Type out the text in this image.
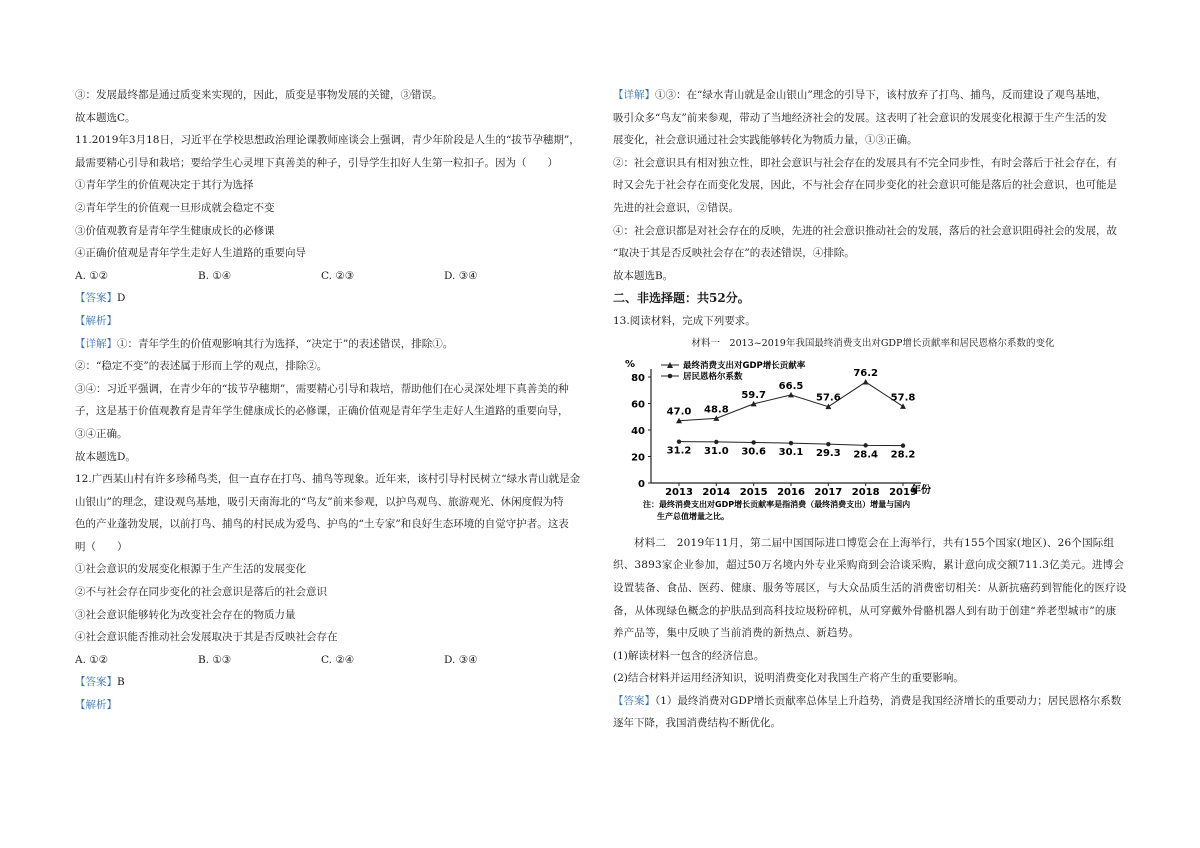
③：发展最终都是通过质变来实现的，因此，质变是事物发展的关键，③错误。

故本题选C。

11.2019年3月18日，习近平在学校思想政治理论课教师座谈会上强调，青少年阶段是人生的“拔节孕穗期”，

最需要精心引导和栽培；要给学生心灵埋下真善美的种子，引导学生扣好人生第一粒扣子。因为（　　）

①青年学生的价值观决定于其行为选择

②青年学生的价值观一旦形成就会稳定不变

③价值观教育是青年学生健康成长的必修课

④正确价值观是青年学生走好人生道路的重要向导

A. ①②	B. ①④	C. ②③	D. ③④

【答案】D

【解析】

【详解】①：青年学生的价值观影响其行为选择，“决定于”的表述错误，排除①。

②：“稳定不变”的表述属于形而上学的观点，排除②。

③④：习近平强调，在青少年的“拔节孕穗期”，需要精心引导和栽培，帮助他们在心灵深处埋下真善美的种

子，这是基于价值观教育是青年学生健康成长的必修课，正确价值观是青年学生走好人生道路的重要向导，

③④正确。

故本题选D。

12.广西某山村有许多珍稀鸟类，但一直存在打鸟、捕鸟等现象。近年来，该村引导村民树立“绿水青山就是金

山银山”的理念，建设观鸟基地，吸引天南海北的“鸟友”前来参观，以护鸟观鸟、旅游观光、休闲度假为特

色的产业蓬勃发展，以前打鸟、捕鸟的村民成为爱鸟、护鸟的“土专家”和良好生态环境的自觉守护者。这表

明（　　）

①社会意识的发展变化根源于生产生活的发展变化

②不与社会存在同步变化的社会意识是落后的社会意识

③社会意识能够转化为改变社会存在的物质力量

④社会意识能否推动社会发展取决于其是否反映社会存在

A. ①②	B. ①③	C. ②④	D. ③④

【答案】B

【解析】

【详解】①③：在“绿水青山就是金山银山”理念的引导下，该村放弃了打鸟、捕鸟，反而建设了观鸟基地，

吸引众多“鸟友”前来参观，带动了当地经济社会的发展。这表明了社会意识的发展变化根源于生产生活的发

展变化，社会意识通过社会实践能够转化为物质力量，①③正确。

②：社会意识具有相对独立性，即社会意识与社会存在的发展具有不完全同步性，有时会落后于社会存在，有

时又会先于社会存在而变化发展，因此，不与社会存在同步变化的社会意识可能是落后的社会意识，也可能是

先进的社会意识，②错误。

④：社会意识都是对社会存在的反映，先进的社会意识推动社会的发展，落后的社会意识阻碍社会的发展，故

“取决于其是否反映社会存在”的表述错误，④排除。

故本题选B。

二、非选择题：共52分。

13.阅读材料，完成下列要求。

材料一　2013~2019年我国最终消费支出对GDP增长贡献率和居民恩格尔系数的变化

%
0
20
40
60
80
2013 2014 2015 2016 2017 2018 2019
年份
47.0 48.8
59.7
66.5
57.6
76.2
57.8
31.2 31.0 30.6 30.1 29.3 28.4 28.2
最终消费支出对GDP增长贡献率
居民恩格尔系数
注：最终消费支出对GDP增长贡献率是指消费（最终消费支出）增量与国内
生产总值增量之比。

材料二　2019年11月，第二届中国国际进口博览会在上海举行，共有155个国家(地区)、26个国际组

织、3893家企业参加，超过50万名境内外专业采购商到会洽谈采购，累计意向成交额711.3亿美元。进博会

设置装备、食品、医药、健康、服务等展区，与大众品质生活的消费密切相关：从新抗癌药到智能化的医疗设

备，从体现绿色概念的护肤品到高科技垃圾粉碎机，从可穿戴外骨骼机器人到有助于创建“养老型城市”的康

养产品等，集中反映了当前消费的新热点、新趋势。

(1)解读材料一包含的经济信息。

(2)结合材料并运用经济知识，说明消费变化对我国生产将产生的重要影响。

【答案】（1）最终消费对GDP增长贡献率总体呈上升趋势，消费是我国经济增长的重要动力；居民恩格尔系数

逐年下降，我国消费结构不断优化。
